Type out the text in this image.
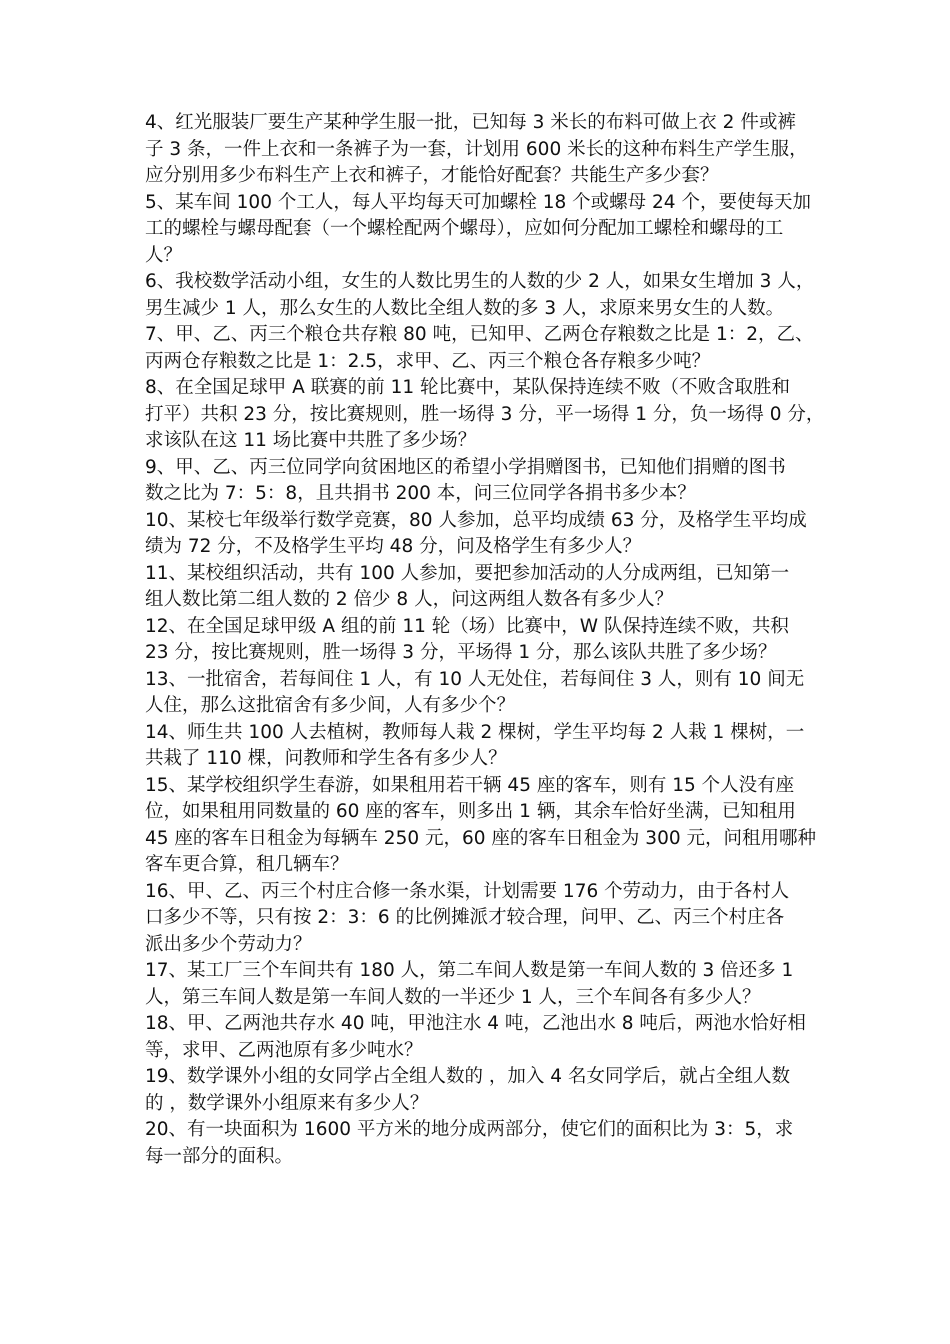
4、红光服装厂要生产某种学生服一批，已知每 3 米长的布料可做上衣 2 件或裤
子 3 条，一件上衣和一条裤子为一套，计划用 600 米长的这种布料生产学生服，
应分别用多少布料生产上衣和裤子，才能恰好配套？共能生产多少套？
5、某车间 100 个工人，每人平均每天可加螺栓 18 个或螺母 24 个，要使每天加
工的螺栓与螺母配套（一个螺栓配两个螺母），应如何分配加工螺栓和螺母的工
人？
6、我校数学活动小组，女生的人数比男生的人数的少 2 人，如果女生增加 3 人，
男生减少 1 人，那么女生的人数比全组人数的多 3 人，求原来男女生的人数。
7、甲、乙、丙三个粮仓共存粮 80 吨，已知甲、乙两仓存粮数之比是 1：2，乙、
丙两仓存粮数之比是 1：2.5，求甲、乙、丙三个粮仓各存粮多少吨？
8、在全国足球甲 A 联赛的前 11 轮比赛中，某队保持连续不败（不败含取胜和
打平）共积 23 分，按比赛规则，胜一场得 3 分，平一场得 1 分，负一场得 0 分，
求该队在这 11 场比赛中共胜了多少场？
9、甲、乙、丙三位同学向贫困地区的希望小学捐赠图书，已知他们捐赠的图书
数之比为 7：5：8，且共捐书 200 本，问三位同学各捐书多少本？
10、某校七年级举行数学竞赛，80 人参加，总平均成绩 63 分，及格学生平均成
绩为 72 分，不及格学生平均 48 分，问及格学生有多少人？
11、某校组织活动，共有 100 人参加，要把参加活动的人分成两组，已知第一
组人数比第二组人数的 2 倍少 8 人，问这两组人数各有多少人？
12、在全国足球甲级 A 组的前 11 轮（场）比赛中，W 队保持连续不败，共积
23 分，按比赛规则，胜一场得 3 分，平场得 1 分，那么该队共胜了多少场？
13、一批宿舍，若每间住 1 人，有 10 人无处住，若每间住 3 人，则有 10 间无
人住，那么这批宿舍有多少间，人有多少个？
14、师生共 100 人去植树，教师每人栽 2 棵树，学生平均每 2 人栽 1 棵树，一
共栽了 110 棵，问教师和学生各有多少人？
15、某学校组织学生春游，如果租用若干辆 45 座的客车，则有 15 个人没有座
位，如果租用同数量的 60 座的客车，则多出 1 辆，其余车恰好坐满，已知租用
45 座的客车日租金为每辆车 250 元，60 座的客车日租金为 300 元，问租用哪种
客车更合算，租几辆车？
16、甲、乙、丙三个村庄合修一条水渠，计划需要 176 个劳动力，由于各村人
口多少不等，只有按 2：3：6 的比例摊派才较合理，问甲、乙、丙三个村庄各
派出多少个劳动力？
17、某工厂三个车间共有 180 人，第二车间人数是第一车间人数的 3 倍还多 1
人，第三车间人数是第一车间人数的一半还少 1 人，三个车间各有多少人？
18、甲、乙两池共存水 40 吨，甲池注水 4 吨，乙池出水 8 吨后，两池水恰好相
等，求甲、乙两池原有多少吨水？
19、数学课外小组的女同学占全组人数的 ，加入 4 名女同学后，就占全组人数
的 ，数学课外小组原来有多少人？
20、有一块面积为 1600 平方米的地分成两部分，使它们的面积比为 3：5，求
每一部分的面积。
